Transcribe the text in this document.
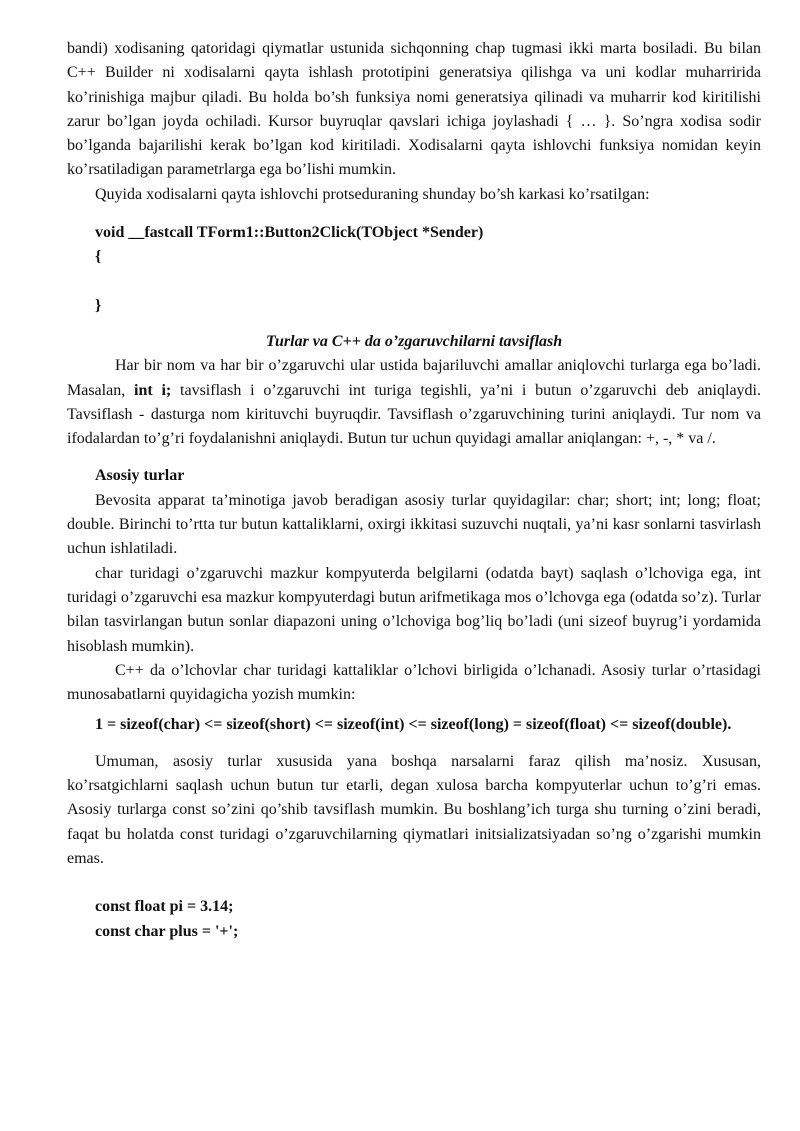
bandi) xodisaning qatoridagi qiymatlar ustunida sichqonning chap tugmasi ikki marta bosiladi. Bu bilan C++ Builder ni xodisalarni qayta ishlash prototipini generatsiya qilishga va uni kodlar muharririda ko’rinishiga majbur qiladi. Bu holda bo’sh funksiya nomi generatsiya qilinadi va muharrir kod kiritilishi zarur bo’lgan joyda ochiladi. Kursor buyruqlar qavslari ichiga joylashadi { … }. So’ngra xodisa sodir bo’lganda bajarilishi kerak bo’lgan kod kiritiladi. Xodisalarni qayta ishlovchi funksiya nomidan keyin ko’rsatiladigan parametrlarga ega bo’lishi mumkin.

Quyida xodisalarni qayta ishlovchi protseduraning shunday bo’sh karkasi ko’rsatilgan:

void __fastcall TForm1::Button2Click(TObject *Sender)

{

}

Turlar va C++ da o’zgaruvchilarni tavsiflash

Har bir nom va har bir o’zgaruvchi ular ustida bajariluvchi amallar aniqlovchi turlarga ega bo’ladi. Masalan, int i; tavsiflash i o’zgaruvchi int turiga tegishli, ya’ni i butun o’zgaruvchi deb aniqlaydi. Tavsiflash - dasturga nom kirituvchi buyruqdir. Tavsiflash o’zgaruvchining turini aniqlaydi. Tur nom va ifodalardan to’g’ri foydalanishni aniqlaydi. Butun tur uchun quyidagi amallar aniqlangan: +, -, * va /.

Asosiy turlar

Bevosita apparat ta’minotiga javob beradigan asosiy turlar quyidagilar: char; short; int; long; float; double. Birinchi to’rtta tur butun kattaliklarni, oxirgi ikkitasi suzuvchi nuqtali, ya’ni kasr sonlarni tasvirlash uchun ishlatiladi.

char turidagi o’zgaruvchi mazkur kompyuterda belgilarni (odatda bayt) saqlash o’lchoviga ega, int turidagi o’zgaruvchi esa mazkur kompyuterdagi butun arifmetikaga mos o’lchovga ega (odatda so’z). Turlar bilan tasvirlangan butun sonlar diapazoni uning o’lchoviga bog’liq bo’ladi (uni sizeof buyrug’i yordamida hisoblash mumkin).

C++ da o’lchovlar char turidagi kattaliklar o’lchovi birligida o’lchanadi. Asosiy turlar o’rtasidagi munosabatlarni quyidagicha yozish mumkin:

1 = sizeof(char) <= sizeof(short) <= sizeof(int) <= sizeof(long) = sizeof(float) <= sizeof(double).

Umuman, asosiy turlar xususida yana boshqa narsalarni faraz qilish ma’nosiz. Xususan, ko’rsatgichlarni saqlash uchun butun tur etarli, degan xulosa barcha kompyuterlar uchun to’g’ri emas. Asosiy turlarga const so’zini qo’shib tavsiflash mumkin. Bu boshlang’ich turga shu turning o’zini beradi, faqat bu holatda const turidagi o’zgaruvchilarning qiymatlari initsializatsiyadan so’ng o’zgarishi mumkin emas.

const float pi = 3.14;

const char plus = '+';
